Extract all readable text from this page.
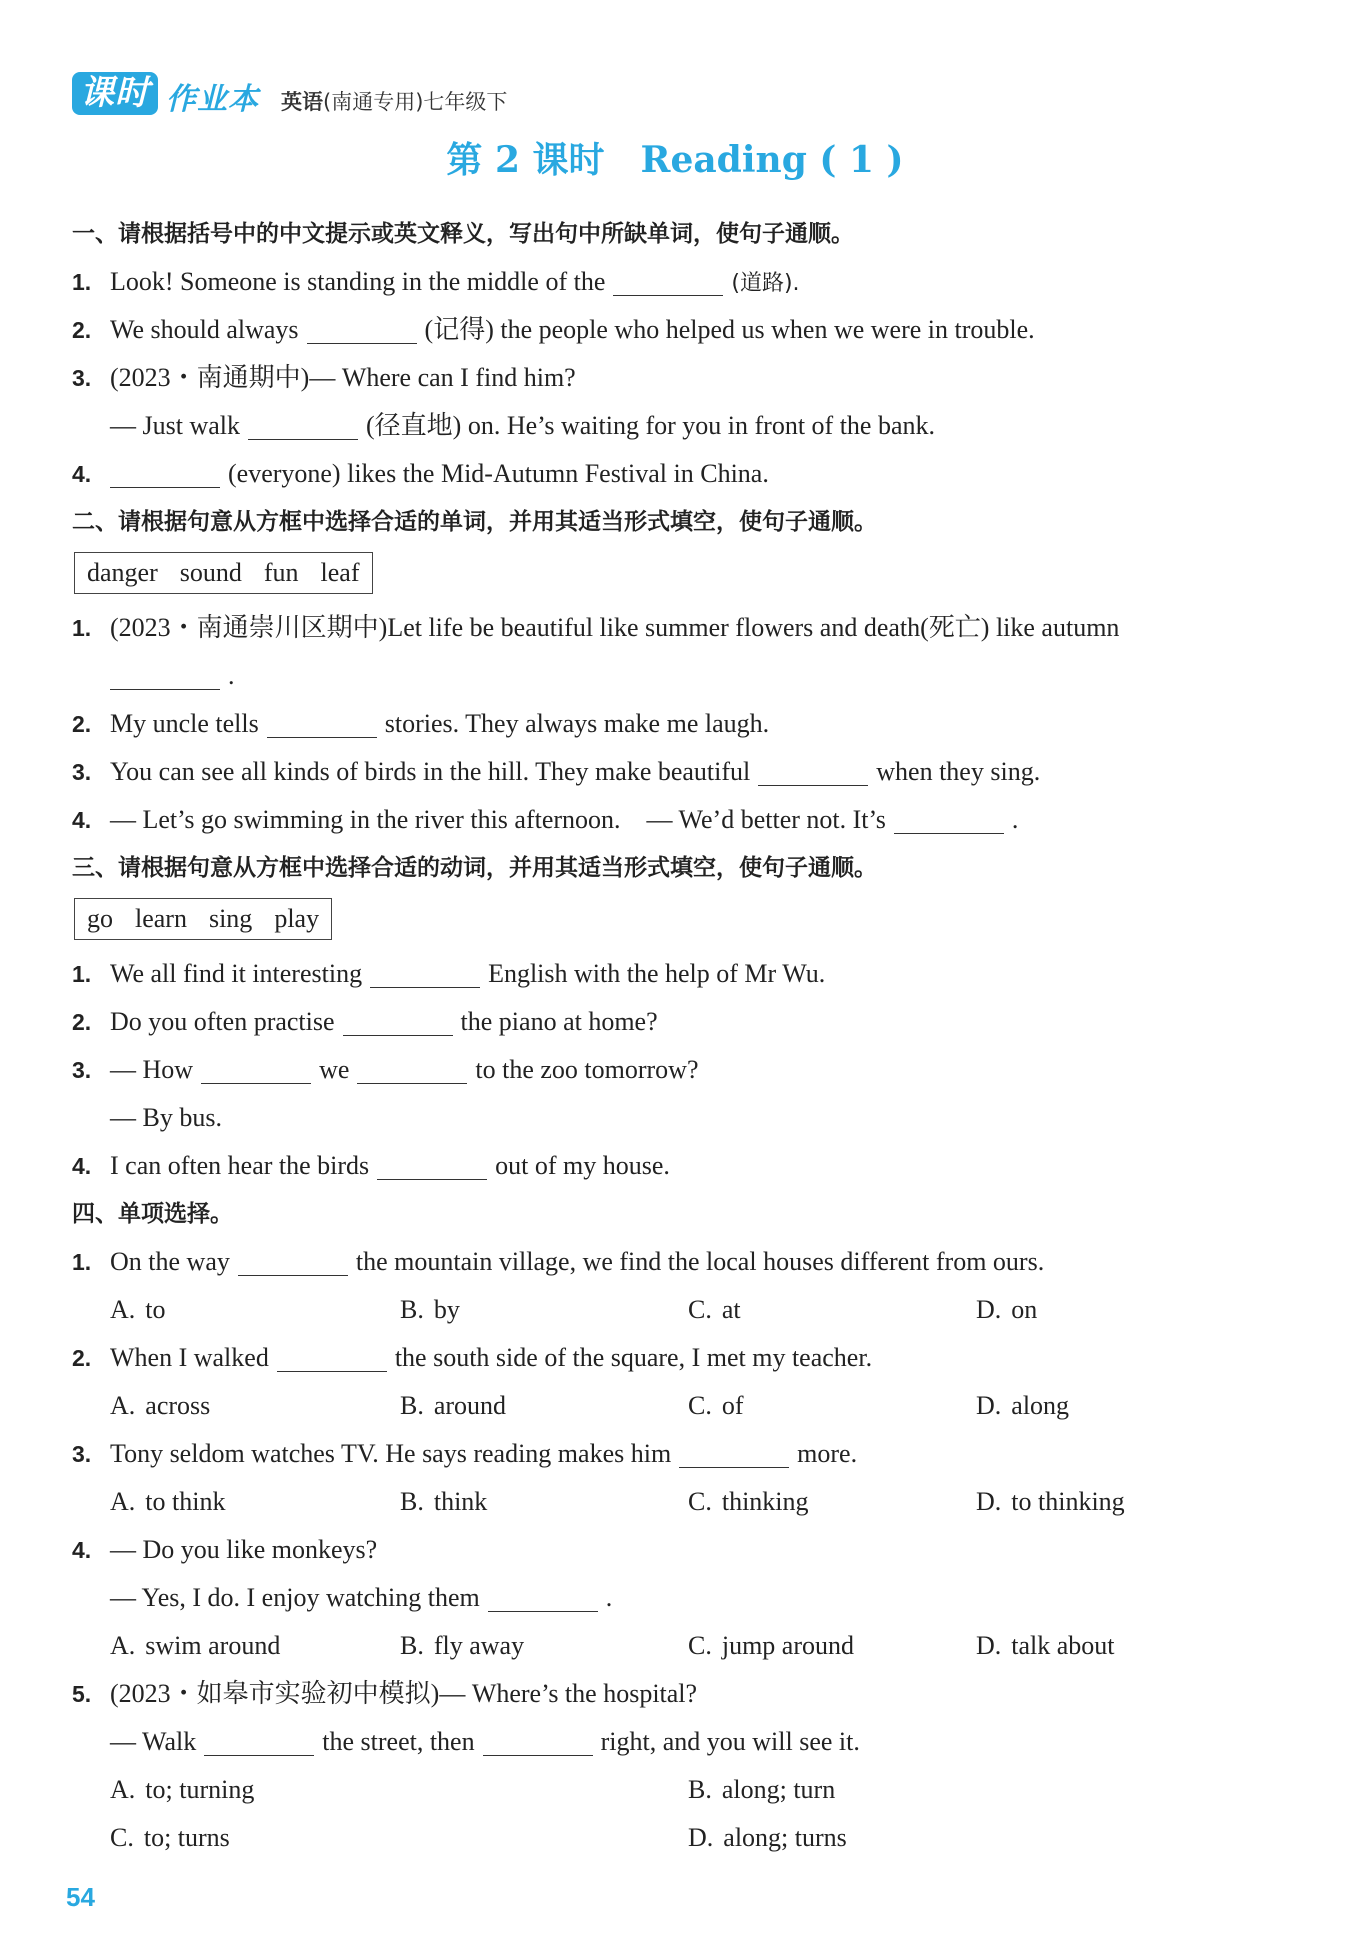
课时 作业本 英语(南通专用)七年级下
第 2 课时　Reading ( 1 )
一、请根据括号中的中文提示或英文释义，写出句中所缺单词，使句子通顺。
1. Look! Someone is standing in the middle of the	(道路).
2. We should always	(记得) the people who helped us when we were in trouble.
3. (2023・南通期中)— Where can I find him?
— Just walk	(径直地) on. He’s waiting for you in front of the bank.
4.	(everyone) likes the Mid-Autumn Festival in China.
二、请根据句意从方框中选择合适的单词，并用其适当形式填空，使句子通顺。
danger sound fun leaf
1. (2023・南通崇川区期中)Let life be beautiful like summer flowers and death(死亡) like autumn
.
2. My uncle tells	stories. They always make me laugh.
3. You can see all kinds of birds in the hill. They make beautiful	when they sing.
4. — Let’s go swimming in the river this afternoon.　— We’d better not. It’s	.
三、请根据句意从方框中选择合适的动词，并用其适当形式填空，使句子通顺。
go learn sing play
1. We all find it interesting	English with the help of Mr Wu.
2. Do you often practise	the piano at home?
3. — How	we	to the zoo tomorrow?
— By bus.
4. I can often hear the birds	out of my house.
四、单项选择。
1. On the way	the mountain village, we find the local houses different from ours.
A. to	B. by	C. at	D. on
2. When I walked	the south side of the square, I met my teacher.
A. across	B. around	C. of	D. along
3. Tony seldom watches TV. He says reading makes him	more.
A. to think	B. think	C. thinking	D. to thinking
4. — Do you like monkeys?
— Yes, I do. I enjoy watching them	.
A. swim around	B. fly away	C. jump around	D. talk about
5. (2023・如皋市实验初中模拟)— Where’s the hospital?
— Walk	the street, then	right, and you will see it.
A. to; turning	B. along; turn
C. to; turns	D. along; turns
54
